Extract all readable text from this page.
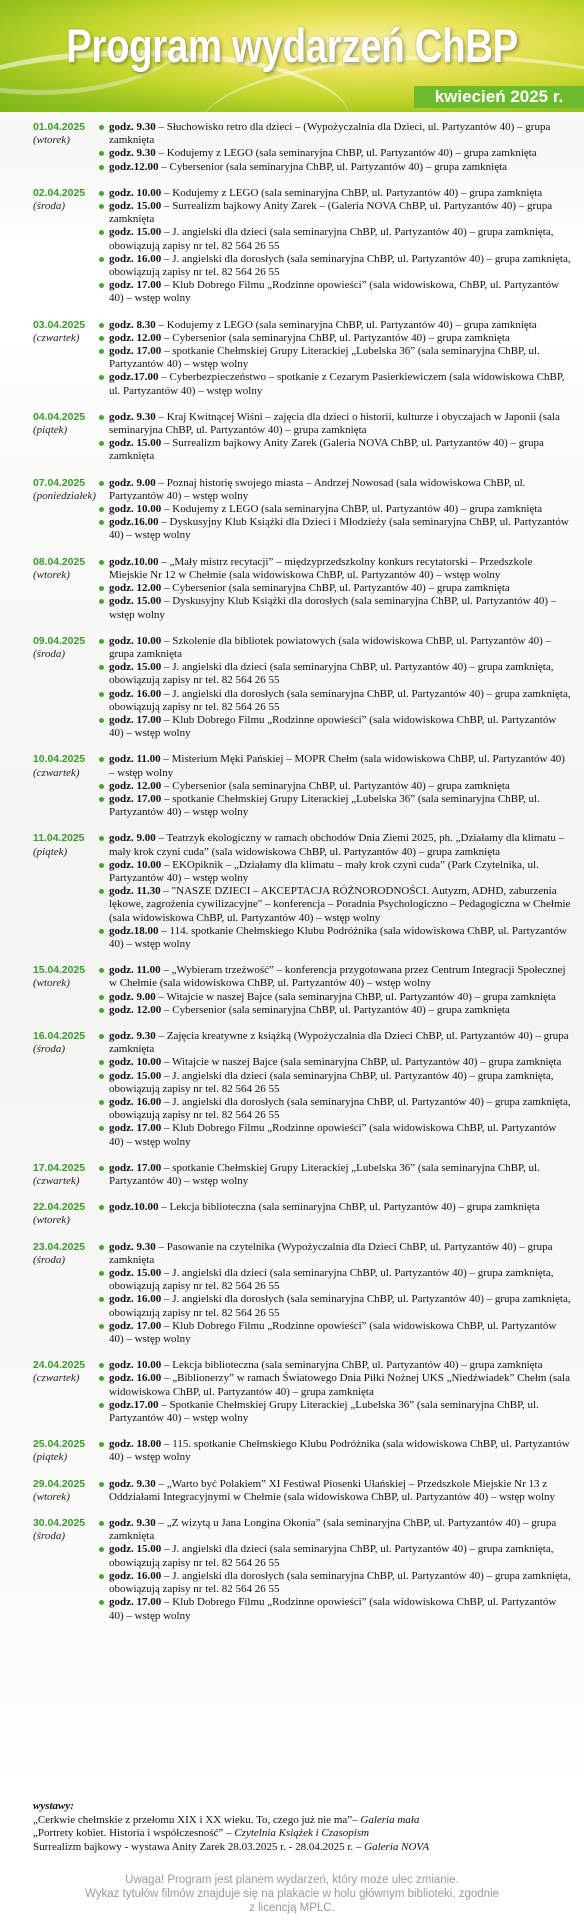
Program wydarzeń ChBP
kwiecień 2025 r.
01.04.2025
(wtorek)
godz. 9.30 – Słuchowisko retro dla dzieci – (Wypożyczalnia dla Dzieci, ul. Partyzantów 40) – grupa zamknięta
godz. 9.30 – Kodujemy z LEGO (sala seminaryjna ChBP, ul. Partyzantów 40) – grupa zamknięta
godz.12.00 – Cybersenior (sala seminaryjna ChBP, ul. Partyzantów 40) – grupa zamknięta
02.04.2025
(środa)
godz. 10.00 – Kodujemy z LEGO (sala seminaryjna ChBP, ul. Partyzantów 40) – grupa zamknięta
godz. 15.00 – Surrealizm bajkowy Anity Zarek – (Galeria NOVA ChBP, ul. Partyzantów 40) – grupa zamknięta
godz. 15.00 – J. angielski dla dzieci (sala seminaryjna ChBP, ul. Partyzantów 40) – grupa zamknięta, obowiązują zapisy nr tel. 82 564 26 55
godz. 16.00 – J. angielski dla dorosłych (sala seminaryjna ChBP, ul. Partyzantów 40) – grupa zamknięta, obowiązują zapisy nr tel. 82 564 26 55
godz. 17.00 – Klub Dobrego Filmu „Rodzinne opowieści” (sala widowiskowa, ChBP, ul. Partyzantów 40) – wstęp wolny
03.04.2025
(czwartek)
godz. 8.30 – Kodujemy z LEGO (sala seminaryjna ChBP, ul. Partyzantów 40) – grupa zamknięta
godz. 12.00 – Cybersenior (sala seminaryjna ChBP, ul. Partyzantów 40) – grupa zamknięta
godz. 17.00 – spotkanie Chełmskiej Grupy Literackiej „Lubelska 36” (sala seminaryjna ChBP, ul. Partyzantów 40) – wstęp wolny
godz.17.00 – Cyberbezpieczeństwo – spotkanie z Cezarym Pasierkiewiczem (sala widowiskowa ChBP, ul. Partyzantów 40) – wstęp wolny
04.04.2025
(piątek)
godz. 9.30 – Kraj Kwitnącej Wiśni – zajęcia dla dzieci o historii, kulturze i obyczajach w Japonii (sala seminaryjna ChBP, ul. Partyzantów 40) – grupa zamknięta
godz. 15.00 – Surrealizm bajkowy Anity Zarek (Galeria NOVA ChBP, ul. Partyzantów 40) – grupa zamknięta
07.04.2025
(poniedziałek)
godz. 9.00 – Poznaj historię swojego miasta – Andrzej Nowosad (sala widowiskowa ChBP, ul. Partyzantów 40) – wstęp wolny
godz. 10.00 – Kodujemy z LEGO (sala seminaryjna ChBP, ul. Partyzantów 40) – grupa zamknięta
godz.16.00 – Dyskusyjny Klub Książki dla Dzieci i Młodzieży (sala seminaryjna ChBP, ul. Partyzantów 40) – wstęp wolny
08.04.2025
(wtorek)
godz.10.00 – „Mały mistrz recytacji” – międzyprzedszkolny konkurs recytatorski – Przedszkole Miejskie Nr 12 w Chełmie (sala widowiskowa ChBP, ul. Partyzantów 40) – wstęp wolny
godz. 12.00 – Cybersenior (sala seminaryjna ChBP, ul. Partyzantów 40) – grupa zamknięta
godz. 15.00 – Dyskusyjny Klub Książki dla dorosłych (sala seminaryjna ChBP, ul. Partyzantów 40) – wstęp wolny
09.04.2025
(środa)
godz. 10.00 – Szkolenie dla bibliotek powiatowych (sala widowiskowa ChBP, ul. Partyzantów 40) – grupa zamknięta
godz. 15.00 – J. angielski dla dzieci (sala seminaryjna ChBP, ul. Partyzantów 40) – grupa zamknięta, obowiązują zapisy nr tel. 82 564 26 55
godz. 16.00 – J. angielski dla dorosłych (sala seminaryjna ChBP, ul. Partyzantów 40) – grupa zamknięta, obowiązują zapisy nr tel. 82 564 26 55
godz. 17.00 – Klub Dobrego Filmu „Rodzinne opowieści” (sala widowiskowa ChBP, ul. Partyzantów 40) – wstęp wolny
10.04.2025
(czwartek)
godz. 11.00 – Misterium Męki Pańskiej – MOPR Chełm (sala widowiskowa ChBP, ul. Partyzantów 40) – wstęp wolny
godz. 12.00 – Cybersenior (sala seminaryjna ChBP, ul. Partyzantów 40) – grupa zamknięta
godz. 17.00 – spotkanie Chełmskiej Grupy Literackiej „Lubelska 36” (sala seminaryjna ChBP, ul. Partyzantów 40) – wstęp wolny
11.04.2025
(piątek)
godz. 9.00 – Teatrzyk ekologiczny w ramach obchodów Dnia Ziemi 2025, ph. „Działamy dla klimatu – mały krok czyni cuda” (sala widowiskowa ChBP, ul. Partyzantów 40) – grupa zamknięta
godz. 10.00 – EKOpiknik – „Działamy dla klimatu – mały krok czyni cuda” (Park Czytelnika, ul. Partyzantów 40) – wstęp wolny
godz. 11.30 – "NASZE DZIECI – AKCEPTACJA RÓŻNORODNOŚCI. Autyzm, ADHD, zaburzenia lękowe, zagrożenia cywilizacyjne" – konferencja – Poradnia Psychologiczno – Pedagogiczna w Chełmie (sala widowiskowa ChBP, ul. Partyzantów 40) – wstęp wolny
godz.18.00 – 114. spotkanie Chełmskiego Klubu Podróżnika (sala widowiskowa ChBP, ul. Partyzantów 40) – wstęp wolny
15.04.2025
(wtorek)
godz. 11.00 – „Wybieram trzeźwość” – konferencja przygotowana przez Centrum Integracji Społecznej w Chełmie (sala widowiskowa ChBP, ul. Partyzantów 40) – wstęp wolny
godz. 9.00 – Witajcie w naszej Bajce (sala seminaryjna ChBP, ul. Partyzantów 40) – grupa zamknięta
godz. 12.00 – Cybersenior (sala seminaryjna ChBP, ul. Partyzantów 40) – grupa zamknięta
16.04.2025
(środa)
godz. 9.30 – Zajęcia kreatywne z książką (Wypożyczalnia dla Dzieci ChBP, ul. Partyzantów 40) – grupa zamknięta
godz. 10.00 – Witajcie w naszej Bajce (sala seminaryjna ChBP, ul. Partyzantów 40) – grupa zamknięta
godz. 15.00 – J. angielski dla dzieci (sala seminaryjna ChBP, ul. Partyzantów 40) – grupa zamknięta, obowiązują zapisy nr tel. 82 564 26 55
godz. 16.00 – J. angielski dla dorosłych (sala seminaryjna ChBP, ul. Partyzantów 40) – grupa zamknięta, obowiązują zapisy nr tel. 82 564 26 55
godz. 17.00 – Klub Dobrego Filmu „Rodzinne opowieści” (sala widowiskowa ChBP, ul. Partyzantów 40) – wstęp wolny
17.04.2025
(czwartek)
godz. 17.00 – spotkanie Chełmskiej Grupy Literackiej „Lubelska 36” (sala seminaryjna ChBP, ul. Partyzantów 40) – wstęp wolny
22.04.2025
(wtorek)
godz.10.00 – Lekcja biblioteczna (sala seminaryjna ChBP, ul. Partyzantów 40) – grupa zamknięta
23.04.2025
(środa)
godz. 9.30 – Pasowanie na czytelnika (Wypożyczalnia dla Dzieci ChBP, ul. Partyzantów 40) – grupa zamknięta
godz. 15.00 – J. angielski dla dzieci (sala seminaryjna ChBP, ul. Partyzantów 40) – grupa zamknięta, obowiązują zapisy nr tel. 82 564 26 55
godz. 16.00 – J. angielski dla dorosłych (sala seminaryjna ChBP, ul. Partyzantów 40) – grupa zamknięta, obowiązują zapisy nr tel. 82 564 26 55
godz. 17.00 – Klub Dobrego Filmu „Rodzinne opowieści” (sala widowiskowa ChBP, ul. Partyzantów 40) – wstęp wolny
24.04.2025
(czwartek)
godz. 10.00 – Lekcja biblioteczna (sala seminaryjna ChBP, ul. Partyzantów 40) – grupa zamknięta
godz. 16.00 – „Biblionerzy” w ramach Światowego Dnia Piłki Nożnej UKS „Niedźwiadek” Chełm (sala widowiskowa ChBP, ul. Partyzantów 40) – grupa zamknięta
godz.17.00 – Spotkanie Chełmskiej Grupy Literackiej „Lubelska 36” (sala seminaryjna ChBP, ul. Partyzantów 40) – wstęp wolny
25.04.2025
(piątek)
godz. 18.00 – 115. spotkanie Chełmskiego Klubu Podróżnika (sala widowiskowa ChBP, ul. Partyzantów 40) – wstęp wolny
29.04.2025
(wtorek)
godz. 9.30 – „Warto być Polakiem” XI Festiwal Piosenki Ułańskiej – Przedszkole Miejskie Nr 13 z Oddziałami Integracyjnymi w Chełmie (sala widowiskowa ChBP, ul. Partyzantów 40) – wstęp wolny
30.04.2025
(środa)
godz. 9.30 – „Z wizytą u Jana Longina Okonia” (sala seminaryjna ChBP, ul. Partyzantów 40) – grupa zamknięta
godz. 15.00 – J. angielski dla dzieci (sala seminaryjna ChBP, ul. Partyzantów 40) – grupa zamknięta, obowiązują zapisy nr tel. 82 564 26 55
godz. 16.00 – J. angielski dla dorosłych (sala seminaryjna ChBP, ul. Partyzantów 40) – grupa zamknięta, obowiązują zapisy nr tel. 82 564 26 55
godz. 17.00 – Klub Dobrego Filmu „Rodzinne opowieści” (sala widowiskowa ChBP, ul. Partyzantów 40) – wstęp wolny
wystawy:
„Cerkwie chełmskie z przełomu XIX i XX wieku. To, czego już nie ma”– Galeria mała
„Portrety kobiet. Historia i współczesność” – Czytelnia Książek i Czasopism
Surrealizm bajkowy - wystawa Anity Zarek 28.03.2025 r. - 28.04.2025 r. – Galeria NOVA
Uwaga! Program jest planem wydarzeń, który może ulec zmianie.
Wykaz tytułów filmów znajduje się na plakacie w holu głównym biblioteki, zgodnie
z licencją MPLC.
